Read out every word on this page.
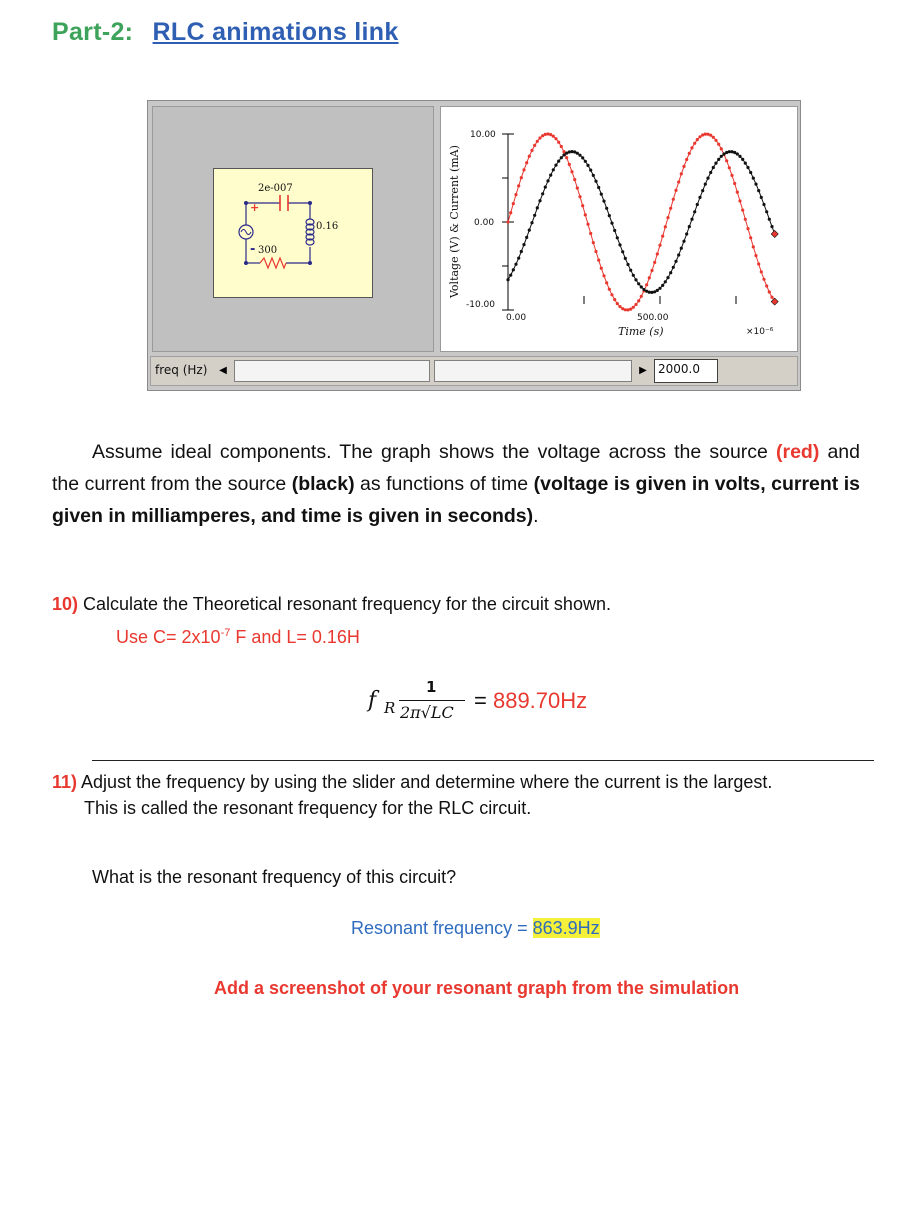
Part-2: RLC animations link
2e-007
0.16
300
+
-
10.00
0.00
-10.00
0.00	500.00
×10⁻⁶
Voltage (V) & Current (mA)
Time (s)
freq (Hz)	◀	▶ 2000.0
Assume ideal components. The graph shows the voltage across the source (red) and the current from the source (black) as functions of time (voltage is given in volts, current is given in milliamperes, and time is given in seconds).
10) Calculate the Theoretical resonant frequency for the circuit shown.
Use $C= 2x10^{-7}$ F and L= 0.16H
f R
1
2π√LC = 889.70Hz
11) Adjust the frequency by using the slider and determine where the current is the largest.
This is called the resonant frequency for the RLC circuit.
What is the resonant frequency of this circuit?
Resonant frequency = 863.9Hz
Add a screenshot of your resonant graph from the simulation
